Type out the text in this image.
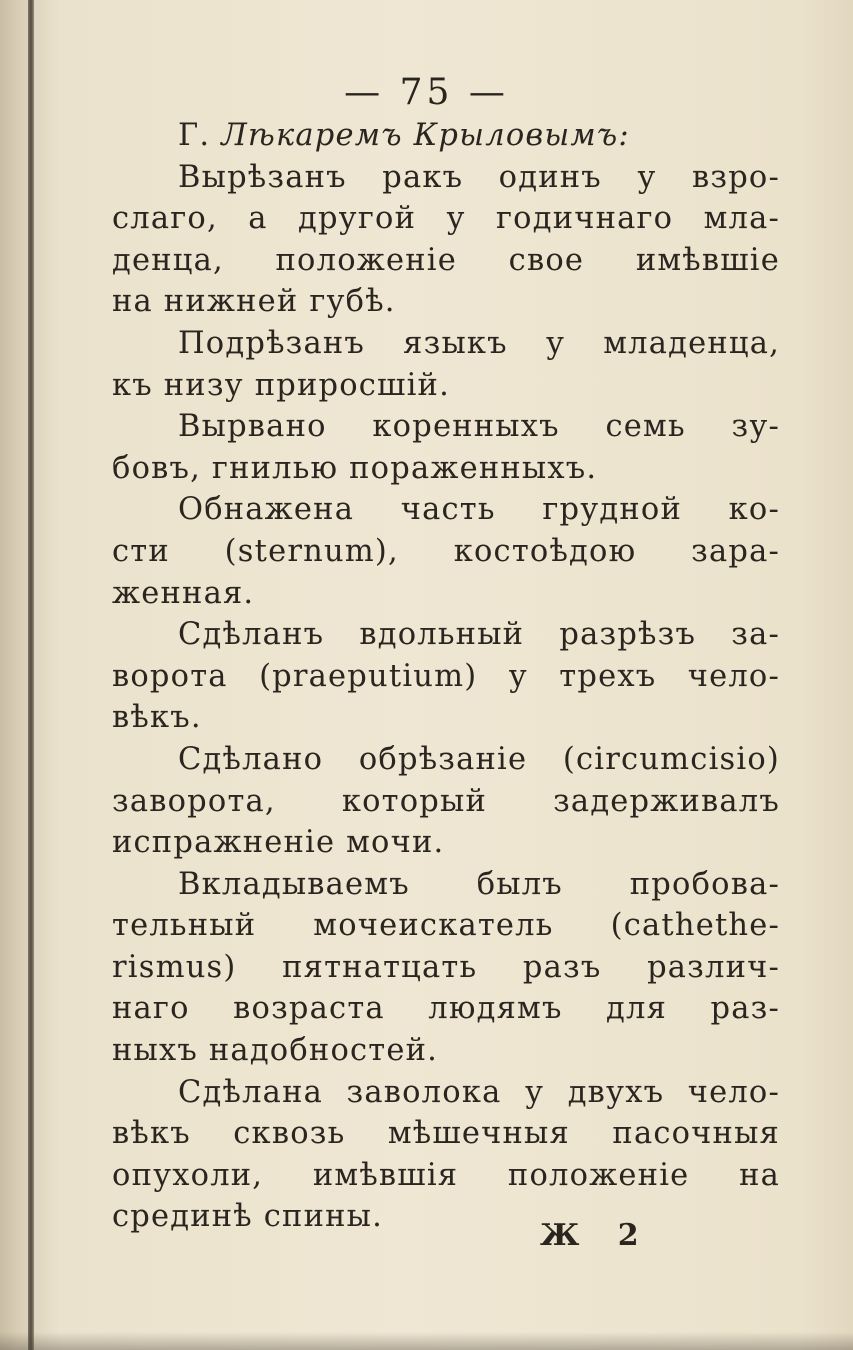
— 75 —
Г. Лѣкаремъ Крыловымъ:
Вырѣзанъ ракъ одинъ у взро-
слаго, а другой у годичнаго мла-
денца, положеніе свое имѣвшіе
на нижней губѣ.
Подрѣзанъ языкъ у младенца,
къ низу приросшій.
Вырвано коренныхъ семь зу-
бовъ, гнилью пораженныхъ.
Обнажена часть грудной ко-
сти (sternum), костоѣдою зара-
женная.
Сдѣланъ вдольный разрѣзъ за-
ворота (praeputium) у трехъ чело-
вѣкъ.
Сдѣлано обрѣзаніе (circumcisio)
заворота, который задерживалъ
испражненіе мочи.
Вкладываемъ былъ пробова-
тельный мочеискатель (cathethe-
rismus) пятнатцать разъ различ-
наго возраста людямъ для раз-
ныхъ надобностей.
Сдѣлана заволока у двухъ чело-
вѣкъ сквозь мѣшечныя пасочныя
опухоли, имѣвшія положеніе на
срединѣ спины.
Ж 2
